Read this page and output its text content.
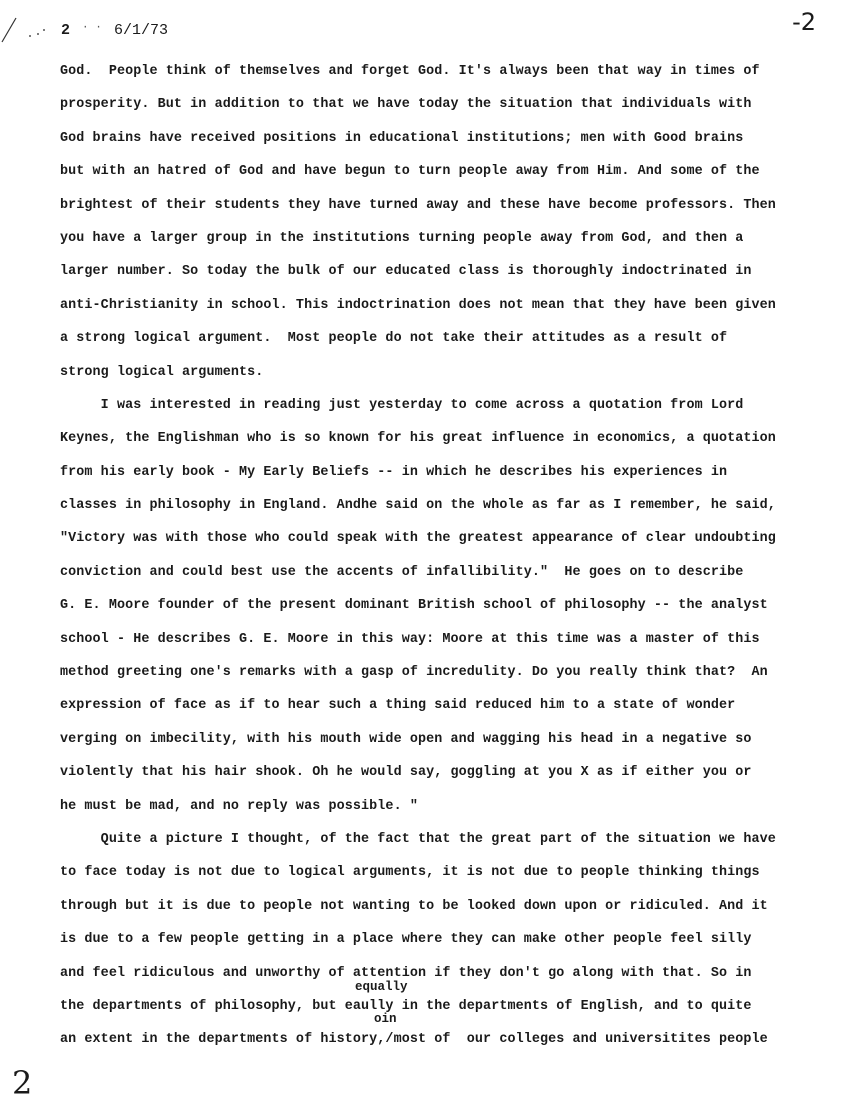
2 · · 6/1/73	-2
God.  People think of themselves and forget God. It's always been that way in times of
prosperity. But in addition to that we have today the situation that individuals with
God brains have received positions in educational institutions; men with Good brains
but with an hatred of God and have begun to turn people away from Him. And some of the
brightest of their students they have turned away and these have become professors. Then
you have a larger group in the institutions turning people away from God, and then a
larger number. So today the bulk of our educated class is thoroughly indoctrinated in
anti-Christianity in school. This indoctrination does not mean that they have been given
a strong logical argument.  Most people do not take their attitudes as a result of
strong logical arguments.
I was interested in reading just yesterday to come across a quotation from Lord
Keynes, the Englishman who is so known for his great influence in economics, a quotation
from his early book - My Early Beliefs -- in which he describes his experiences in
classes in philosophy in England. Andhe said on the whole as far as I remember, he said,
"Victory was with those who could speak with the greatest appearance of clear undoubting
conviction and could best use the accents of infallibility."  He goes on to describe
G. E. Moore founder of the present dominant British school of philosophy -- the analyst
school - He describes G. E. Moore in this way: Moore at this time was a master of this
method greeting one's remarks with a gasp of incredulity. Do you really think that?  An
expression of face as if to hear such a thing said reduced him to a state of wonder
verging on imbecility, with his mouth wide open and wagging his head in a negative so
violently that his hair shook. Oh he would say, goggling at you X as if either you or
he must be mad, and no reply was possible. "
Quite a picture I thought, of the fact that the great part of the situation we have
to face today is not due to logical arguments, it is not due to people thinking things
through but it is due to people not wanting to be looked down upon or ridiculed. And it
is due to a few people getting in a place where they can make other people feel silly
and feel ridiculous and unworthy of attention if they don't go along with that. So in
the departments of philosophy, but eaully in the departments of English, and to quite
an extent in the departments of history,/most of  our colleges and universitites people
equally
oin
2
